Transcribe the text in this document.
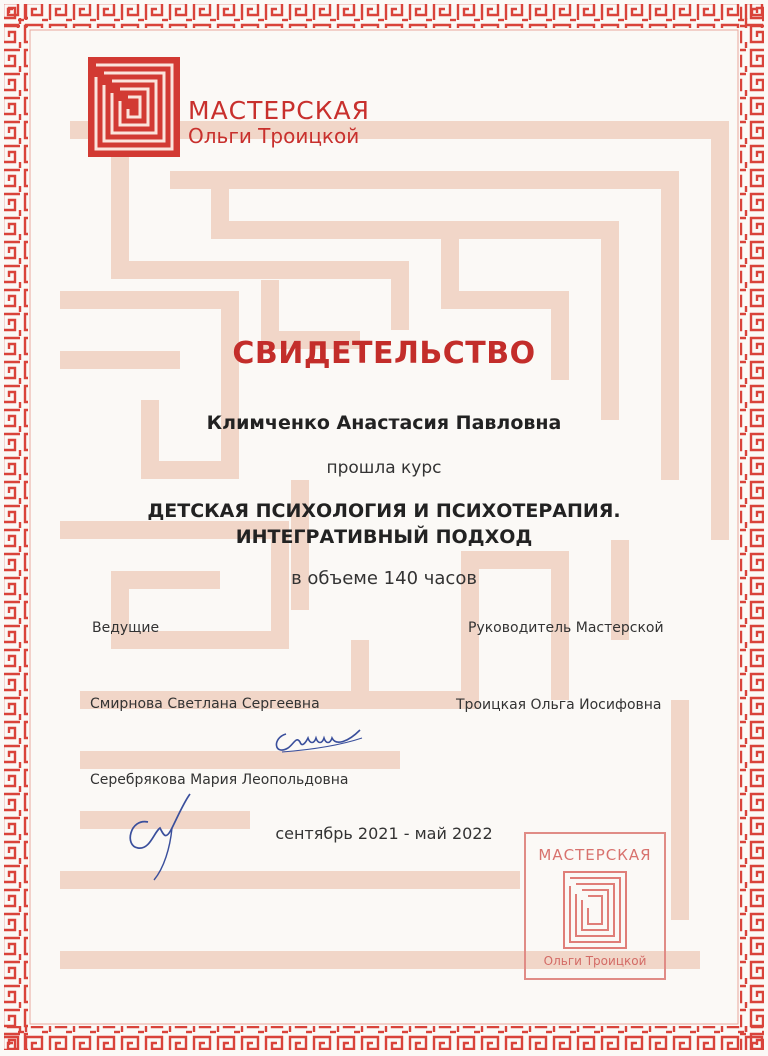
МАСТЕРСКАЯ
Ольги Троицкой
СВИДЕТЕЛЬСТВО
Климченко Анастасия Павловна
прошла курс
ДЕТСКАЯ ПСИХОЛОГИЯ И ПСИХОТЕРАПИЯ.
ИНТЕГРАТИВНЫЙ ПОДХОД
в объеме 140 часов
Ведущие	Руководитель Мастерской
Смирнова Светлана Сергеевна	Троицкая Ольга Иосифовна
Серебрякова Мария Леопольдовна
сентябрь 2021 - май 2022
МАСТЕРСКАЯ
Ольги Троицкой
